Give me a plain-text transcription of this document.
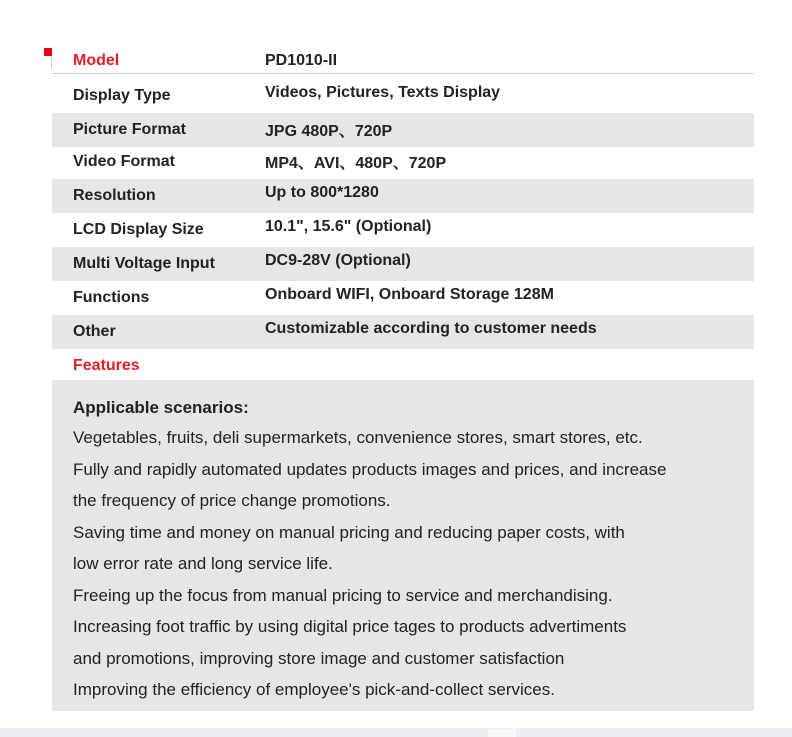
Model	PD1010-II
Display Type	Videos, Pictures, Texts Display
Picture Format	JPG 480P、720P
Video Format	MP4、AVI、480P、720P
Resolution	Up to 800*1280
LCD Display Size	10.1", 15.6" (Optional)
Multi Voltage Input	DC9-28V (Optional)
Functions	Onboard WIFI, Onboard Storage 128M
Other	Customizable according to customer needs
Features
Applicable scenarios:
Vegetables, fruits, deli supermarkets, convenience stores, smart stores, etc.
Fully and rapidly automated updates products images and prices, and increase
the frequency of price change promotions.
Saving time and money on manual pricing and reducing paper costs, with
low error rate and long service life.
Freeing up the focus from manual pricing to service and merchandising.
Increasing foot traffic by using digital price tages to products advertiments
and promotions, improving store image and customer satisfaction
Improving the efficiency of employee's pick-and-collect services.
